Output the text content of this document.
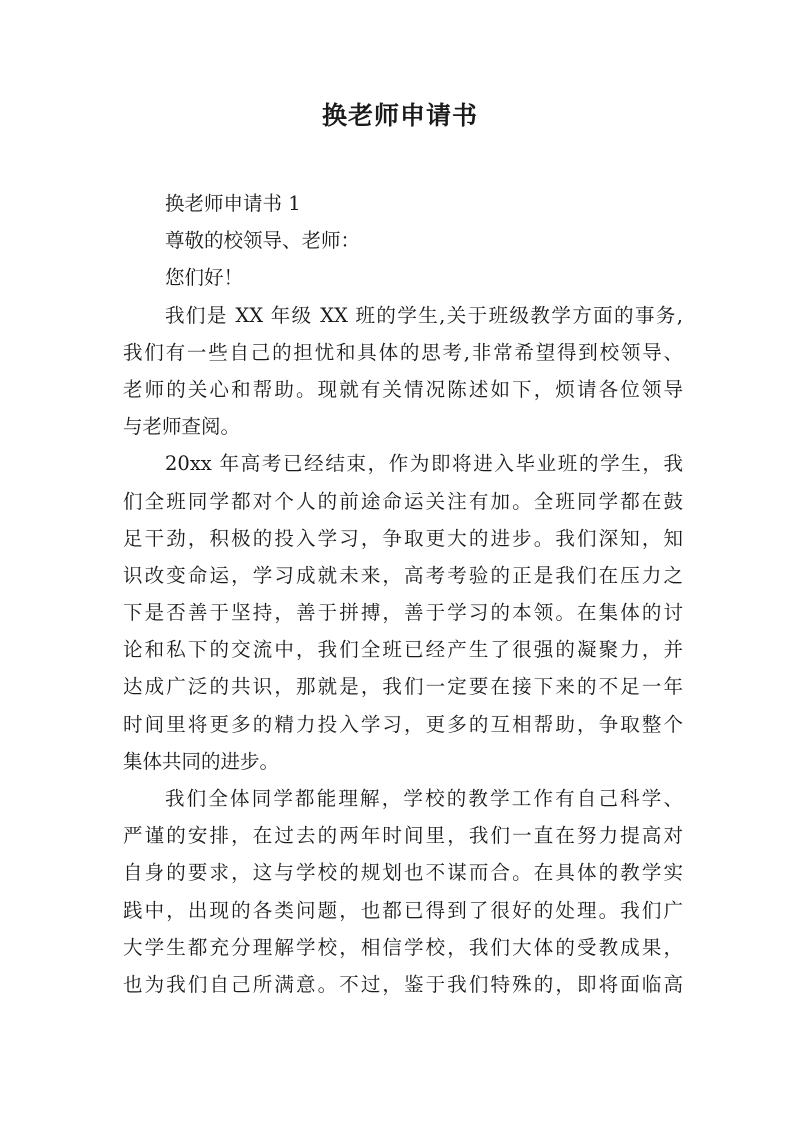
换老师申请书
换老师申请书 1
尊敬的校领导、老师：
您们好！
我们是 XX 年级 XX 班的学生,关于班级教学方面的事务,
我们有一些自己的担忧和具体的思考,非常希望得到校领导、
老师的关心和帮助。现就有关情况陈述如下，烦请各位领导
与老师查阅。
20xx 年高考已经结束，作为即将进入毕业班的学生，我
们全班同学都对个人的前途命运关注有加。全班同学都在鼓
足干劲，积极的投入学习，争取更大的进步。我们深知，知
识改变命运，学习成就未来，高考考验的正是我们在压力之
下是否善于坚持，善于拼搏，善于学习的本领。在集体的讨
论和私下的交流中，我们全班已经产生了很强的凝聚力，并
达成广泛的共识，那就是，我们一定要在接下来的不足一年
时间里将更多的精力投入学习，更多的互相帮助，争取整个
集体共同的进步。
我们全体同学都能理解，学校的教学工作有自己科学、
严谨的安排，在过去的两年时间里，我们一直在努力提高对
自身的要求，这与学校的规划也不谋而合。在具体的教学实
践中，出现的各类问题，也都已得到了很好的处理。我们广
大学生都充分理解学校，相信学校，我们大体的受教成果，
也为我们自己所满意。不过，鉴于我们特殊的，即将面临高
